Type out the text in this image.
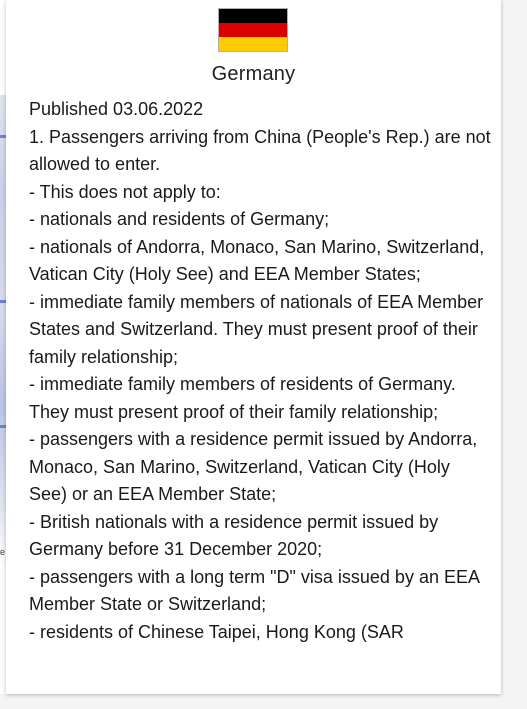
e
Germany

Published 03.06.2022

1. Passengers arriving from China (People's Rep.) are not allowed to enter.

- This does not apply to:

- nationals and residents of Germany;

- nationals of Andorra, Monaco, San Marino, Switzerland, Vatican City (Holy See) and EEA Member States;

- immediate family members of nationals of EEA Member States and Switzerland. They must present proof of their family relationship;

- immediate family members of residents of Germany. They must present proof of their family relationship;

- passengers with a residence permit issued by Andorra, Monaco, San Marino, Switzerland, Vatican City (Holy See) or an EEA Member State;

- British nationals with a residence permit issued by Germany before 31 December 2020;

- passengers with a long term "D" visa issued by an EEA Member State or Switzerland;

- residents of Chinese Taipei, Hong Kong (SAR
